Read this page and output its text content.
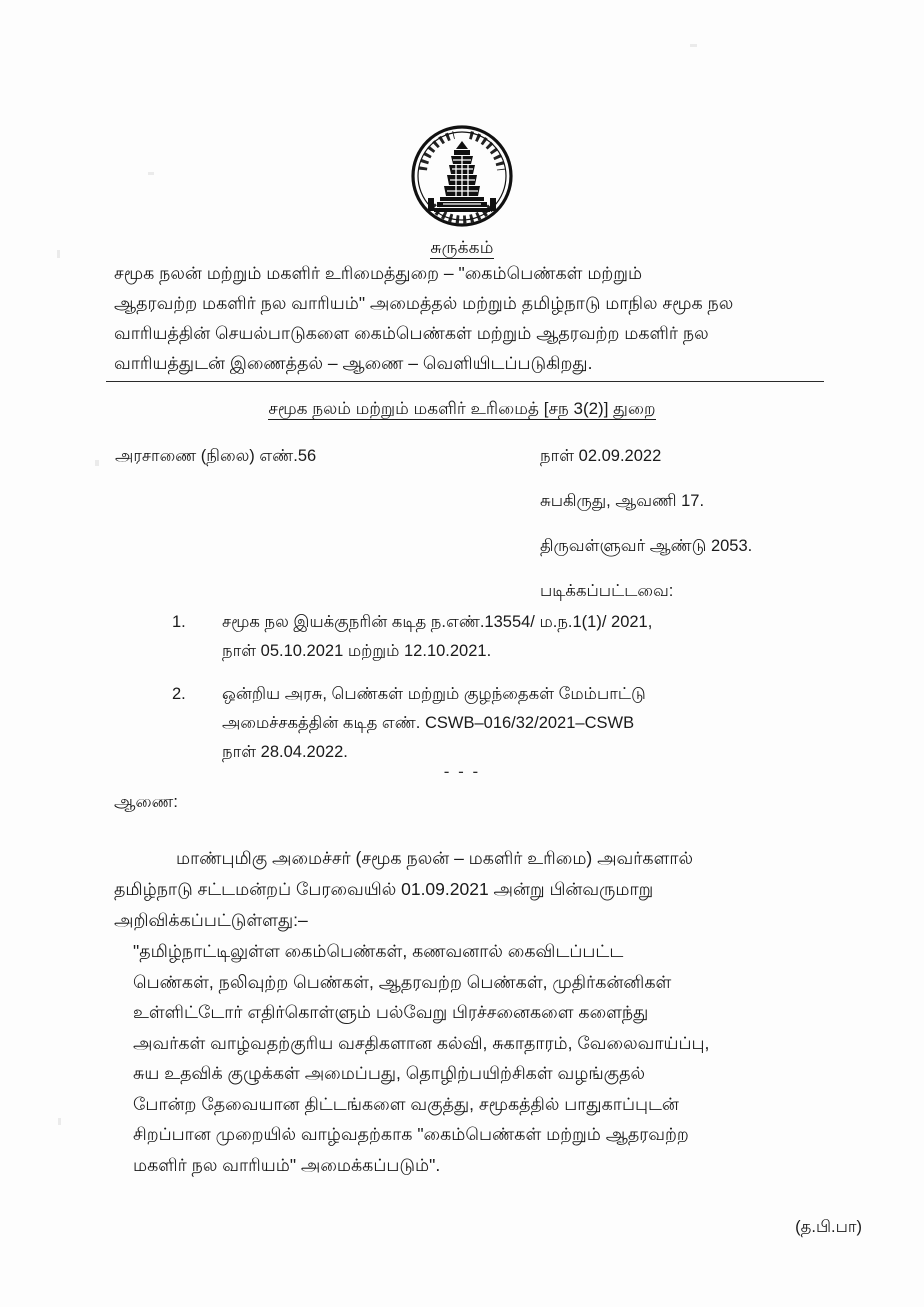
சுருக்கம்
சமூக நலன் மற்றும் மகளிர் உரிமைத்துறை – "கைம்பெண்கள் மற்றும்
ஆதரவற்ற மகளிர் நல வாரியம்" அமைத்தல் மற்றும் தமிழ்நாடு மாநில சமூக நல
வாரியத்தின் செயல்பாடுகளை கைம்பெண்கள் மற்றும் ஆதரவற்ற மகளிர் நல
வாரியத்துடன் இணைத்தல் – ஆணை – வெளியிடப்படுகிறது.
சமூக நலம் மற்றும் மகளிர் உரிமைத் [சந 3(2)] துறை
அரசாணை (நிலை) எண்.56	நாள் 02.09.2022
சுபகிருது, ஆவணி 17.
திருவள்ளுவர் ஆண்டு 2053.
படிக்கப்பட்டவை:
1.	சமூக நல இயக்குநரின் கடித ந.எண்.13554/ ம.ந.1(1)/ 2021,
நாள் 05.10.2021 மற்றும் 12.10.2021.
2.	ஒன்றிய அரசு, பெண்கள் மற்றும் குழந்தைகள் மேம்பாட்டு
அமைச்சகத்தின் கடித எண். CSWB–016/32/2021–CSWB
நாள் 28.04.2022.
- - -
ஆணை:
மாண்புமிகு அமைச்சர் (சமூக நலன் – மகளிர் உரிமை) அவர்களால்
தமிழ்நாடு சட்டமன்றப் பேரவையில் 01.09.2021 அன்று பின்வருமாறு
அறிவிக்கப்பட்டுள்ளது:–
"தமிழ்நாட்டிலுள்ள கைம்பெண்கள், கணவனால் கைவிடப்பட்ட
பெண்கள், நலிவுற்ற பெண்கள், ஆதரவற்ற பெண்கள், முதிர்கன்னிகள்
உள்ளிட்டோர் எதிர்கொள்ளும் பல்வேறு பிரச்சனைகளை களைந்து
அவர்கள் வாழ்வதற்குரிய வசதிகளான கல்வி, சுகாதாரம், வேலைவாய்ப்பு,
சுய உதவிக் குழுக்கள் அமைப்பது, தொழிற்பயிற்சிகள் வழங்குதல்
போன்ற தேவையான திட்டங்களை வகுத்து, சமூகத்தில் பாதுகாப்புடன்
சிறப்பான முறையில் வாழ்வதற்காக "கைம்பெண்கள் மற்றும் ஆதரவற்ற
மகளிர் நல வாரியம்" அமைக்கப்படும்".
(த.பி.பா)
